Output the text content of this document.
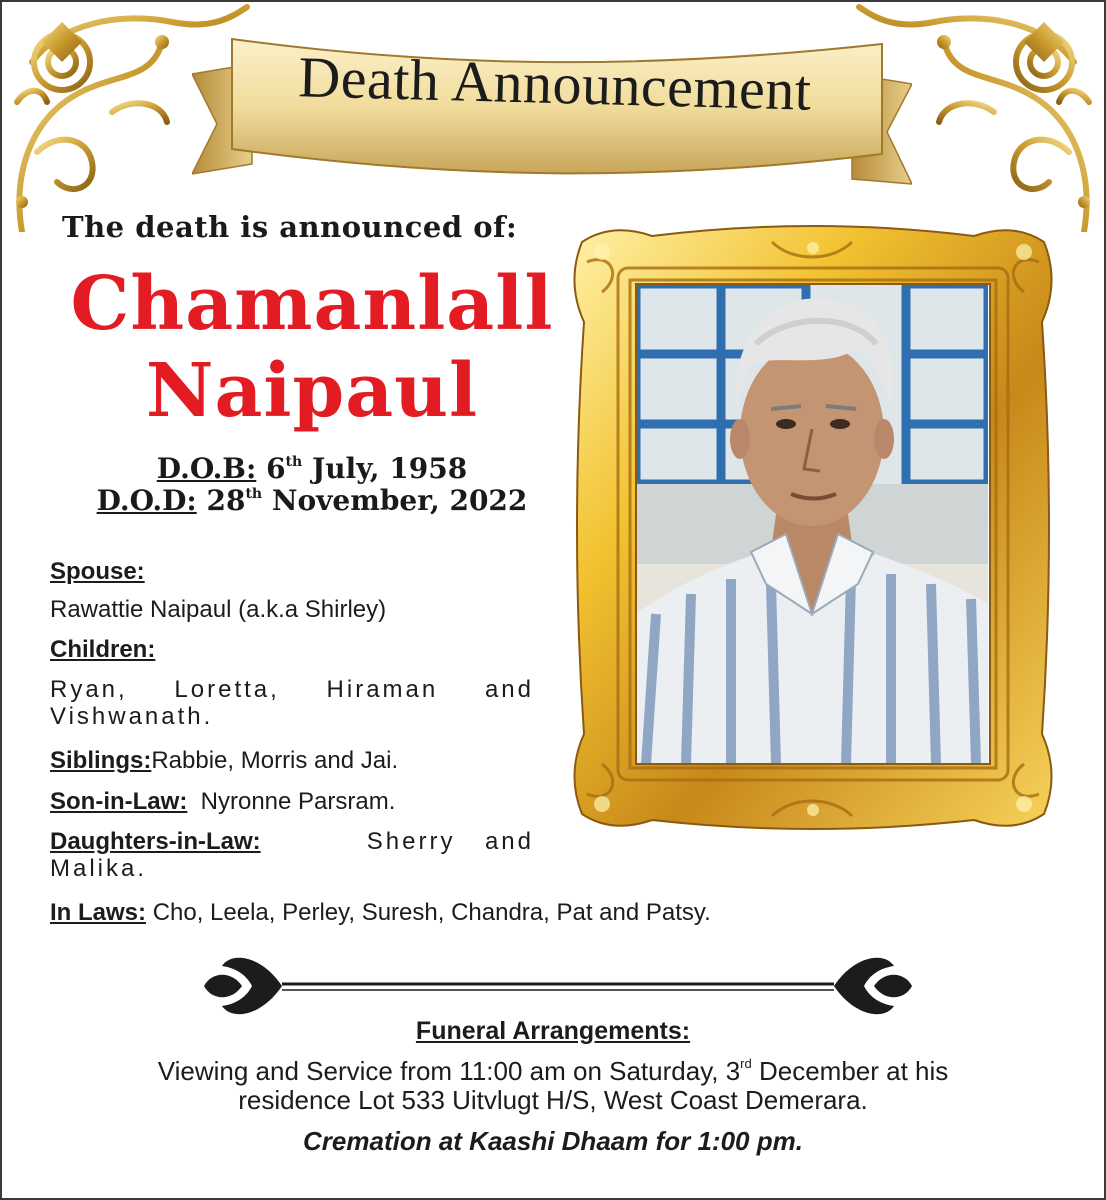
Death Announcement
The death is announced of:
Chamanlall
Naipaul
D.O.B: 6th July, 1958
D.O.D: 28th November, 2022
Spouse:
Rawattie Naipaul (a.k.a Shirley)
Children:
Ryan, Loretta, Hiraman and Vishwanath.
Siblings:Rabbie, Morris and Jai.
Son-in-Law: Nyronne Parsram.
Daughters-in-Law:	Sherry and Malika.
In Laws: Cho, Leela, Perley, Suresh, Chandra, Pat and Patsy.
Funeral Arrangements:
Viewing and Service from 11:00 am on Saturday, 3rd December at his
residence Lot 533 Uitvlugt H/S, West Coast Demerara.
Cremation at Kaashi Dhaam for 1:00 pm.
